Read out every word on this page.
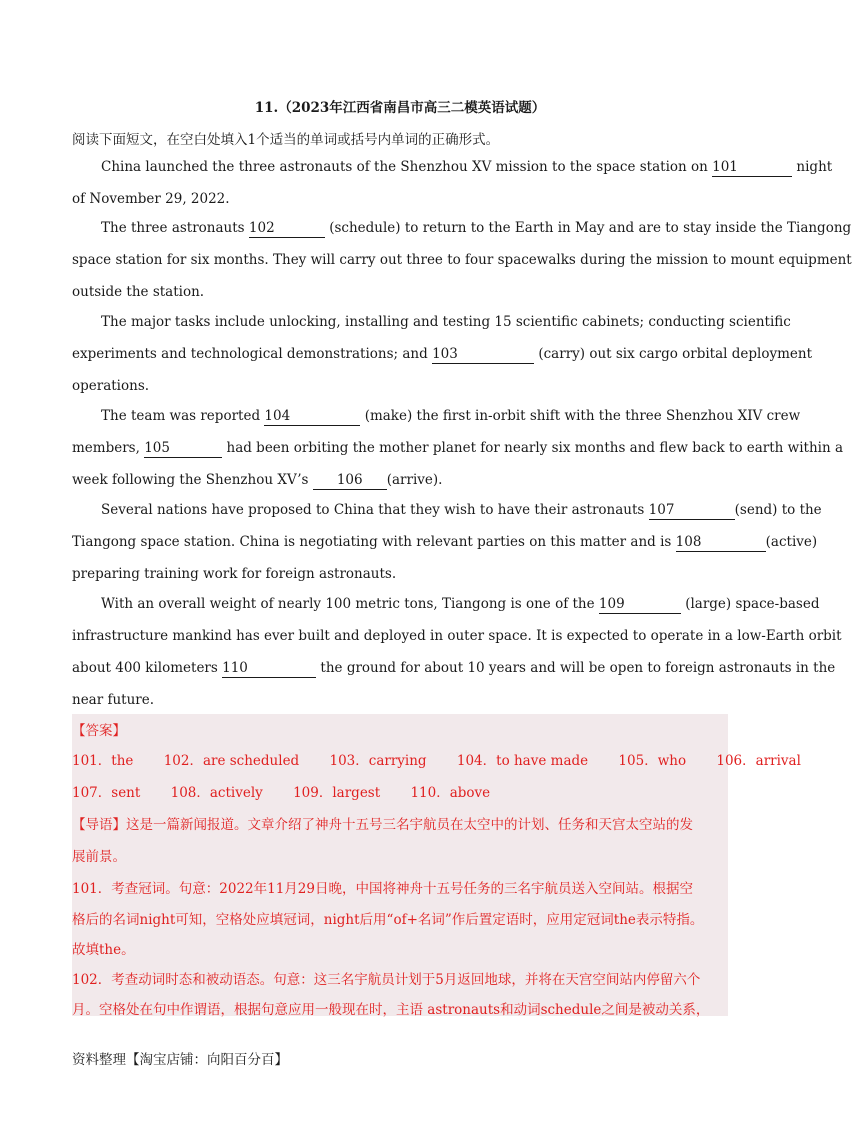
11.（2023年江西省南昌市高三二模英语试题）
阅读下面短文，在空白处填入1个适当的单词或括号内单词的正确形式。
China launched the three astronauts of the Shenzhou XV mission to the space station on 101	night
of November 29, 2022.
The three astronauts 102	(schedule) to return to the Earth in May and are to stay inside the Tiangong
space station for six months. They will carry out three to four spacewalks during the mission to mount equipment
outside the station.
The major tasks include unlocking, installing and testing 15 scientific cabinets; conducting scientific
experiments and technological demonstrations; and 103	(carry) out six cargo orbital deployment
operations.
The team was reported 104	(make) the first in-orbit shift with the three Shenzhou XIV crew
members, 105	had been orbiting the mother planet for nearly six months and flew back to earth within a
week following the Shenzhou XV’s 106 (arrive).
Several nations have proposed to China that they wish to have their astronauts 107	(send) to the
Tiangong space station. China is negotiating with relevant parties on this matter and is 108	(active)
preparing training work for foreign astronauts.
With an overall weight of nearly 100 metric tons, Tiangong is one of the 109	(large) space-based
infrastructure mankind has ever built and deployed in outer space. It is expected to operate in a low-Earth orbit
about 400 kilometers 110	the ground for about 10 years and will be open to foreign astronauts in the
near future.
【答案】
101．the 102．are scheduled 103．carrying 104．to have made 105．who 106．arrival
107．sent 108．actively 109．largest 110．above
【导语】这是一篇新闻报道。文章介绍了神舟十五号三名宇航员在太空中的计划、任务和天宫太空站的发
展前景。
101．考查冠词。句意：2022年11月29日晚，中国将神舟十五号任务的三名宇航员送入空间站。根据空
格后的名词night可知，空格处应填冠词，night后用“of+名词”作后置定语时，应用定冠词the表示特指。
故填the。
102．考查动词时态和被动语态。句意：这三名宇航员计划于5月返回地球，并将在天宫空间站内停留六个
月。空格处在句中作谓语，根据句意应用一般现在时，主语 astronauts和动词schedule之间是被动关系，
资料整理【淘宝店铺：向阳百分百】
